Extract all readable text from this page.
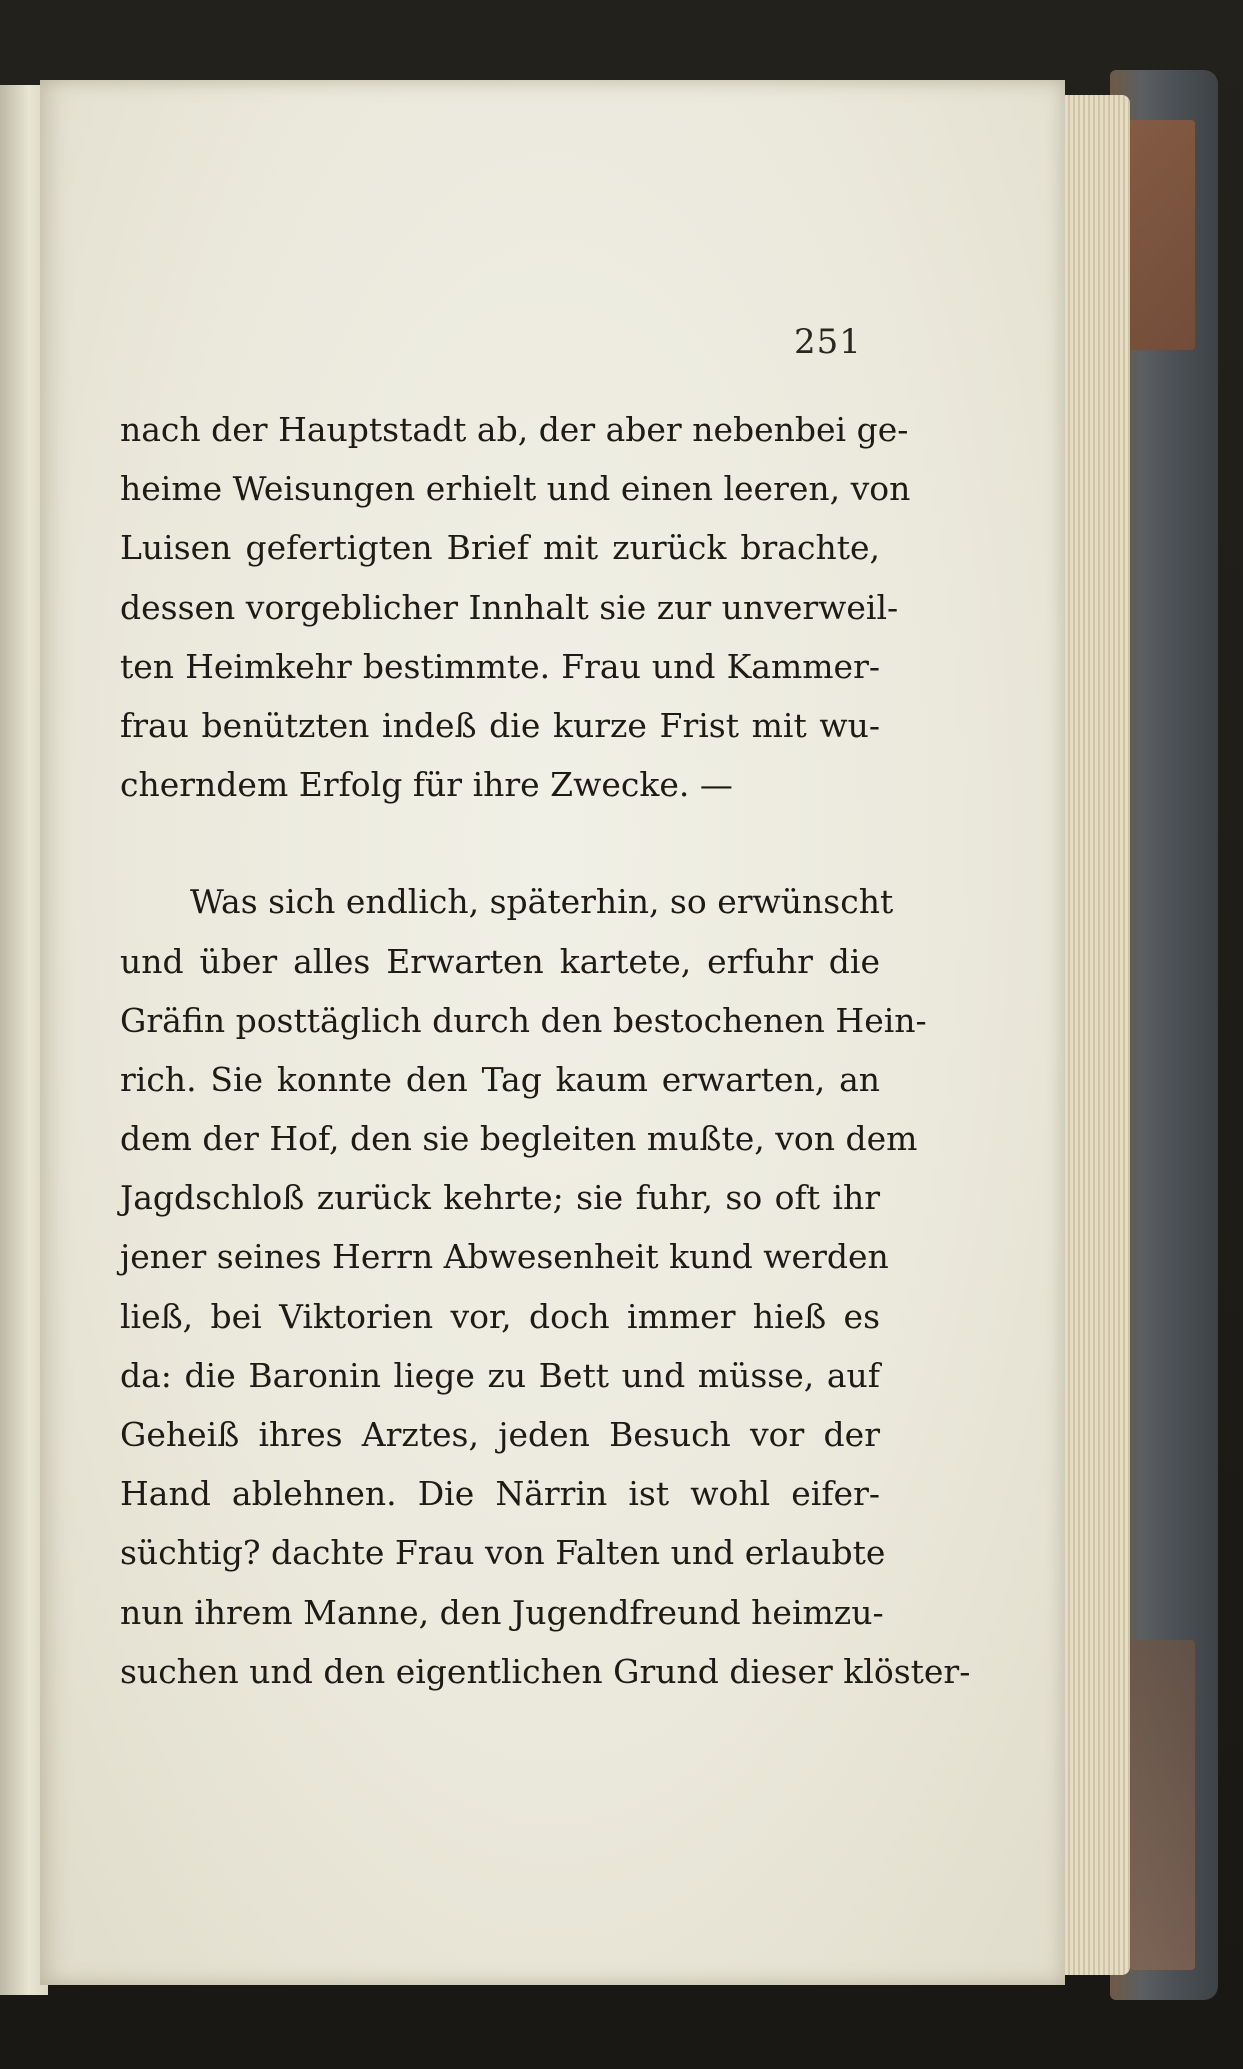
251

nach der Hauptstadt ab, der aber nebenbei ge-
heime Weisungen erhielt und einen leeren, von
Luisen gefertigten Brief mit zurück brachte,
dessen vorgeblicher Innhalt sie zur unverweil-
ten Heimkehr bestimmte. Frau und Kammer-
frau benützten indeß die kurze Frist mit wu-
cherndem Erfolg für ihre Zwecke. —
Was sich endlich, späterhin, so erwünscht
und über alles Erwarten kartete, erfuhr die
Gräfin posttäglich durch den bestochenen Hein-
rich. Sie konnte den Tag kaum erwarten, an
dem der Hof, den sie begleiten mußte, von dem
Jagdschloß zurück kehrte; sie fuhr, so oft ihr
jener seines Herrn Abwesenheit kund werden
ließ, bei Viktorien vor, doch immer hieß es
da: die Baronin liege zu Bett und müsse, auf
Geheiß ihres Arztes, jeden Besuch vor der
Hand ablehnen. Die Närrin ist wohl eifer-
süchtig? dachte Frau von Falten und erlaubte
nun ihrem Manne, den Jugendfreund heimzu-
suchen und den eigentlichen Grund dieser klöster-
